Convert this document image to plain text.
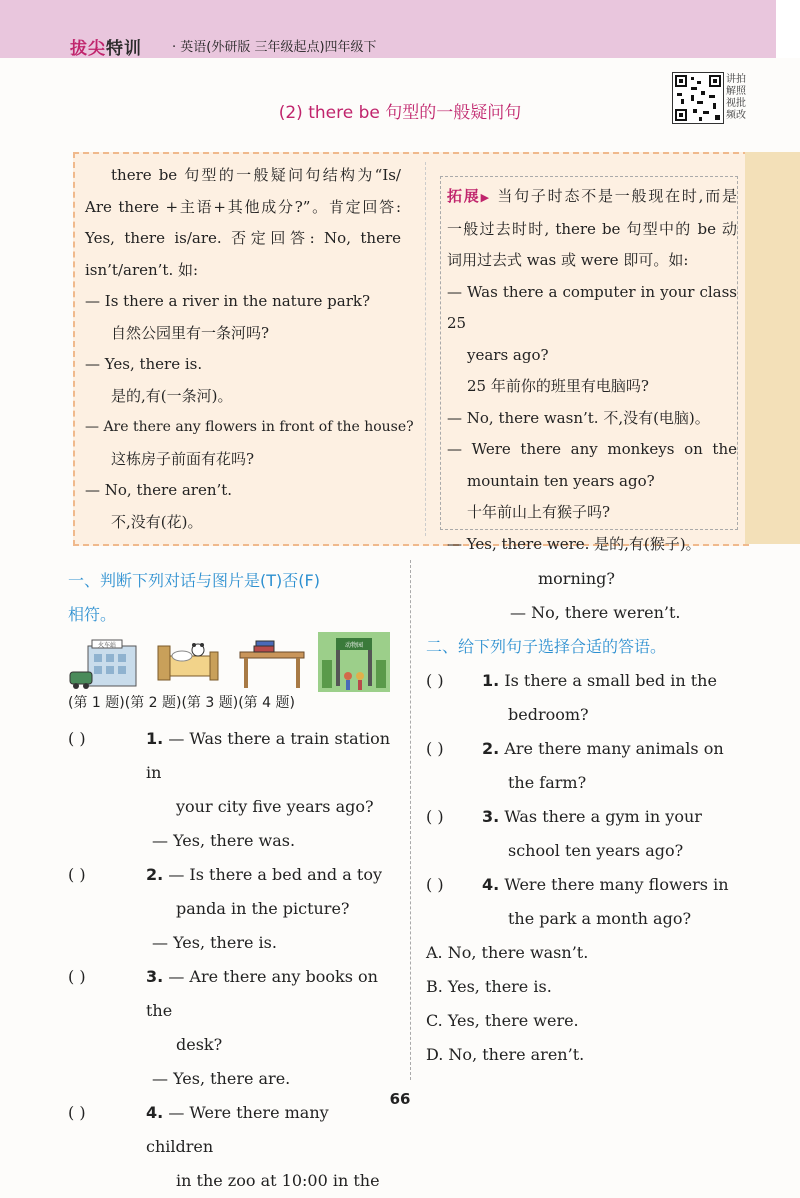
拔尖特训 · 英语(外研版 三年级起点)四年级下
(2) there be 句型的一般疑问句
讲拍 解照 视批 频改
there be 句型的一般疑问句结构为“Is/
Are there +主语+其他成分?”。肯定回答:
Yes, there is/are. 否定回答: No, there
isn’t/aren’t. 如:
— Is there a river in the nature park?
自然公园里有一条河吗?
— Yes, there is.
是的,有(一条河)。
— Are there any flowers in front of the house?
这栋房子前面有花吗?
— No, there aren’t.
不,没有(花)。
拓展▶ 当句子时态不是一般现在时,而是
一般过去时时, there be 句型中的 be 动
词用过去式 was 或 were 即可。如:
— Was there a computer in your class 25
years ago?
25 年前你的班里有电脑吗?
— No, there wasn’t. 不,没有(电脑)。
— Were there any monkeys on the
mountain ten years ago?
十年前山上有猴子吗?
— Yes, there were. 是的,有(猴子)。
一、判断下列对话与图片是(T)否(F)
相符。
火车站	动物园
(第 1 题)(第 2 题)(第 3 题)(第 4 题)
( )	1. — Was there a train station in
your city five years ago?
— Yes, there was.
( )	2. — Is there a bed and a toy
panda in the picture?
— Yes, there is.
( )	3. — Are there any books on the
desk?
— Yes, there are.
( )	4. — Were there many children
in the zoo at 10:00 in the
morning?
— No, there weren’t.
二、给下列句子选择合适的答语。
( )	1. Is there a small bed in the
bedroom?
( )	2. Are there many animals on
the farm?
( )	3. Was there a gym in your
school ten years ago?
( )	4. Were there many flowers in
the park a month ago?
A. No, there wasn’t.
B. Yes, there is.
C. Yes, there were.
D. No, there aren’t.
66
